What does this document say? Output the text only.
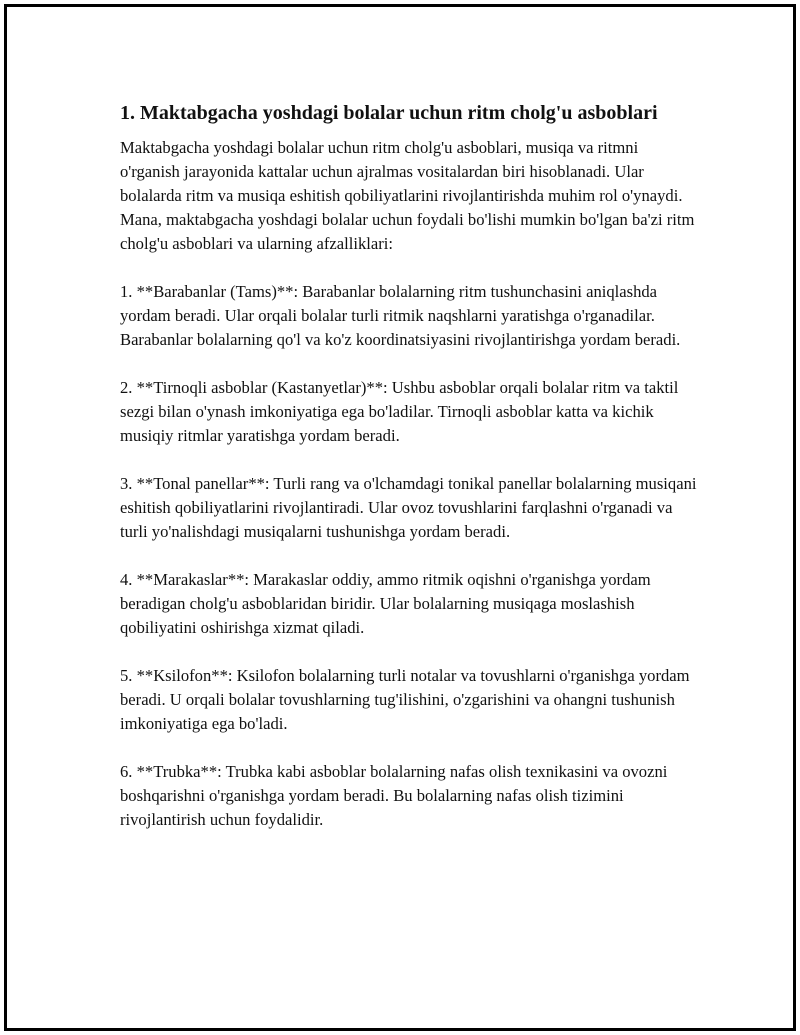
1. Maktabgacha yoshdagi bolalar uchun ritm cholg'u asboblari

Maktabgacha yoshdagi bolalar uchun ritm cholg'u asboblari, musiqa va ritmni o'rganish jarayonida kattalar uchun ajralmas vositalardan biri hisoblanadi. Ular bolalarda ritm va musiqa eshitish qobiliyatlarini rivojlantirishda muhim rol o'ynaydi. Mana, maktabgacha yoshdagi bolalar uchun foydali bo'lishi mumkin bo'lgan ba'zi ritm cholg'u asboblari va ularning afzalliklari:

1. **Barabanlar (Tams)**: Barabanlar bolalarning ritm tushunchasini aniqlashda yordam beradi. Ular orqali bolalar turli ritmik naqshlarni yaratishga o'rganadilar. Barabanlar bolalarning qo'l va ko'z koordinatsiyasini rivojlantirishga yordam beradi.

2. **Tirnoqli asboblar (Kastanyetlar)**: Ushbu asboblar orqali bolalar ritm va taktil sezgi bilan o'ynash imkoniyatiga ega bo'ladilar. Tirnoqli asboblar katta va kichik musiqiy ritmlar yaratishga yordam beradi.

3. **Tonal panellar**: Turli rang va o'lchamdagi tonikal panellar bolalarning musiqani eshitish qobiliyatlarini rivojlantiradi. Ular ovoz tovushlarini farqlashni o'rganadi va turli yo'nalishdagi musiqalarni tushunishga yordam beradi.

4. **Marakaslar**: Marakaslar oddiy, ammo ritmik oqishni o'rganishga yordam beradigan cholg'u asboblaridan biridir. Ular bolalarning musiqaga moslashish qobiliyatini oshirishga xizmat qiladi.

5. **Ksilofon**: Ksilofon bolalarning turli notalar va tovushlarni o'rganishga yordam beradi. U orqali bolalar tovushlarning tug'ilishini, o'zgarishini va ohangni tushunish imkoniyatiga ega bo'ladi.

6. **Trubka**: Trubka kabi asboblar bolalarning nafas olish texnikasini va ovozni boshqarishni o'rganishga yordam beradi. Bu bolalarning nafas olish tizimini rivojlantirish uchun foydalidir.
